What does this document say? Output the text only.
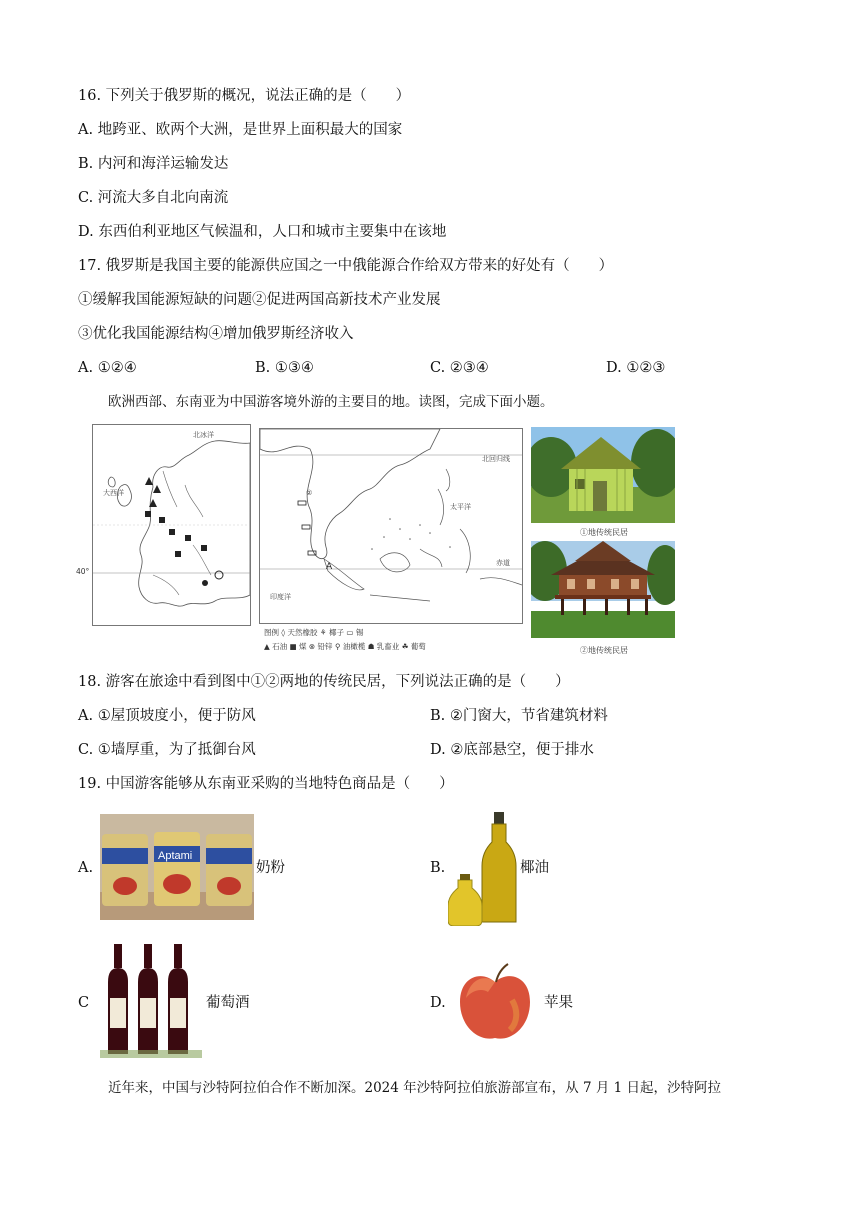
16. 下列关于俄罗斯的概况，说法正确的是（　　）
A. 地跨亚、欧两个大洲，是世界上面积最大的国家
B. 内河和海洋运输发达
C. 河流大多自北向南流
D. 东西伯利亚地区气候温和，人口和城市主要集中在该地
17. 俄罗斯是我国主要的能源供应国之一中俄能源合作给双方带来的好处有（　　）
①缓解我国能源短缺的问题②促进两国高新技术产业发展
③优化我国能源结构④增加俄罗斯经济收入
A. ①②④	B. ①③④	C. ②③④	D. ①②③
欧洲西部、东南亚为中国游客境外游的主要目的地。读图，完成下面小题。
北冰洋
大西洋
40°
北回归线
太平洋
赤道
印度洋
②
A
图例 ◊ 天然橡胶 ⚘ 椰子 ▭ 锡
▲ 石油 ■ 煤 ⊗ 铅锌 ⚲ 油橄榄 ☗ 乳畜业 ☘ 葡萄
①地传统民居
②地传统民居
18. 游客在旅途中看到图中①②两地的传统民居，下列说法正确的是（　　）
A. ①屋顶坡度小，便于防风	B. ②门窗大，节省建筑材料
C. ①墙厚重，为了抵御台风	D. ②底部悬空，便于排水
19. 中国游客能够从东南亚采购的当地特色商品是（　　）
A.
Aptami
奶粉	B.	椰油
C	葡萄酒	D.	苹果
近年来，中国与沙特阿拉伯合作不断加深。2024 年沙特阿拉伯旅游部宣布，从 7 月 1 日起，沙特阿拉
